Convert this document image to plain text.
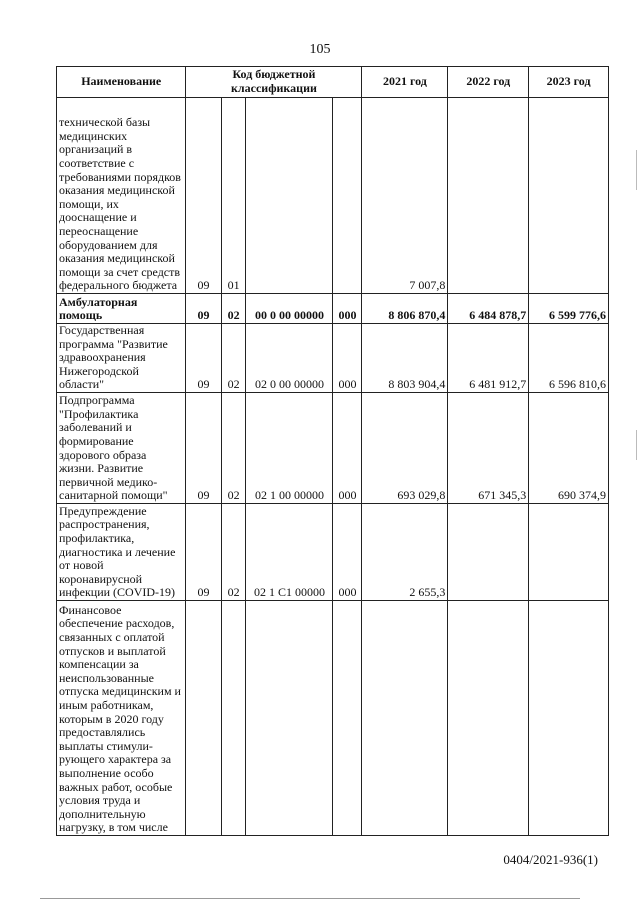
105
Наименование	Код бюджетной классификации				2021 год	2022 год	2023 год
технической базы медицинских организаций в соответствие с требованиями порядков оказания медицинской помощи, их дооснащение и переоснащение оборудованием для оказания медицинской помощи за счет средств федерального бюджета	09	01			7 007,8		
Амбулаторная помощь	09	02	00 0 00 00000	000	8 806 870,4	6 484 878,7	6 599 776,6
Государственная программа "Развитие здравоохранения Нижегородской области"	09	02	02 0 00 00000	000	8 803 904,4	6 481 912,7	6 596 810,6
Подпрограмма "Профилактика заболеваний и формирование здорового образа жизни. Развитие первичной медико-санитарной помощи"	09	02	02 1 00 00000	000	693 029,8	671 345,3	690 374,9
Предупреждение распространения, профилактика, диагностика и лечение от новой коронавирусной инфекции (COVID-19)	09	02	02 1 C1 00000	000	2 655,3		
Финансовое обеспечение расходов, связанных с оплатой отпусков и выплатой компенсации за неиспользованные отпуска медицинским и иным работникам, которым в 2020 году предоставлялись выплаты стимули-рующего характера за выполнение особо важных работ, особые условия труда и дополнительную нагрузку, в том числе							
0404/2021-936(1)
